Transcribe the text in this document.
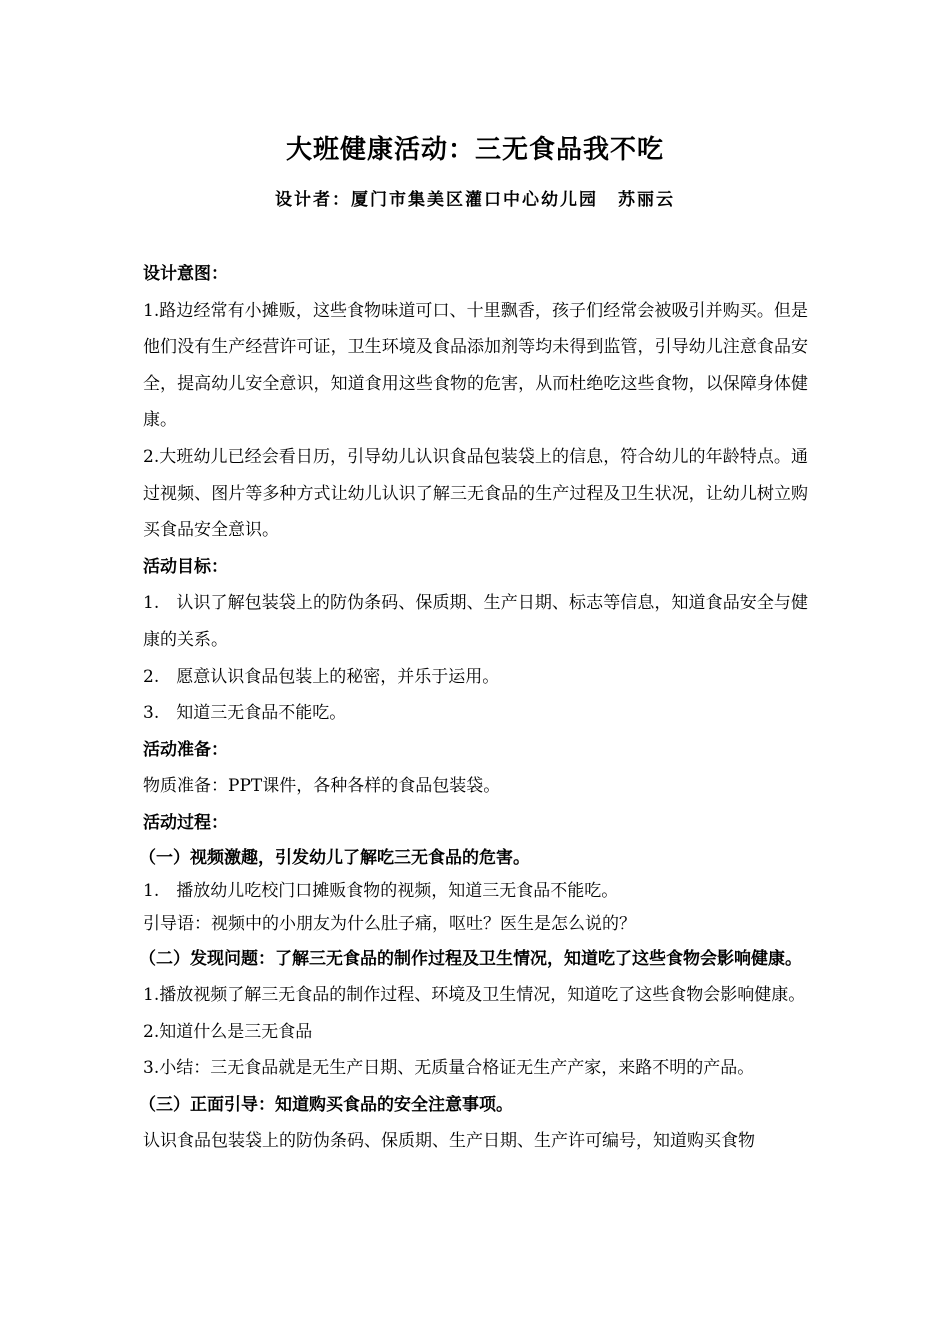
大班健康活动：三无食品我不吃
设计者：厦门市集美区灌口中心幼儿园 苏丽云

设计意图：

1.路边经常有小摊贩，这些食物味道可口、十里飘香，孩子们经常会被吸引并购买。但是他们没有生产经营许可证，卫生环境及食品添加剂等均未得到监管，引导幼儿注意食品安全，提高幼儿安全意识，知道食用这些食物的危害，从而杜绝吃这些食物，以保障身体健康。

2.大班幼儿已经会看日历，引导幼儿认识食品包装袋上的信息，符合幼儿的年龄特点。通过视频、图片等多种方式让幼儿认识了解三无食品的生产过程及卫生状况，让幼儿树立购买食品安全意识。

活动目标：

1.　认识了解包装袋上的防伪条码、保质期、生产日期、标志等信息，知道食品安全与健康的关系。

2.　愿意认识食品包装上的秘密，并乐于运用。

3.　知道三无食品不能吃。

活动准备：

物质准备：PPT课件，各种各样的食品包装袋。

活动过程：

（一）视频激趣，引发幼儿了解吃三无食品的危害。

1.　播放幼儿吃校门口摊贩食物的视频，知道三无食品不能吃。

引导语：视频中的小朋友为什么肚子痛，呕吐？医生是怎么说的？

（二）发现问题：了解三无食品的制作过程及卫生情况，知道吃了这些食物会影响健康。

1.播放视频了解三无食品的制作过程、环境及卫生情况，知道吃了这些食物会影响健康。

2.知道什么是三无食品

3.小结：三无食品就是无生产日期、无质量合格证无生产产家，来路不明的产品。

（三）正面引导：知道购买食品的安全注意事项。

认识食品包装袋上的防伪条码、保质期、生产日期、生产许可编号，知道购买食物
